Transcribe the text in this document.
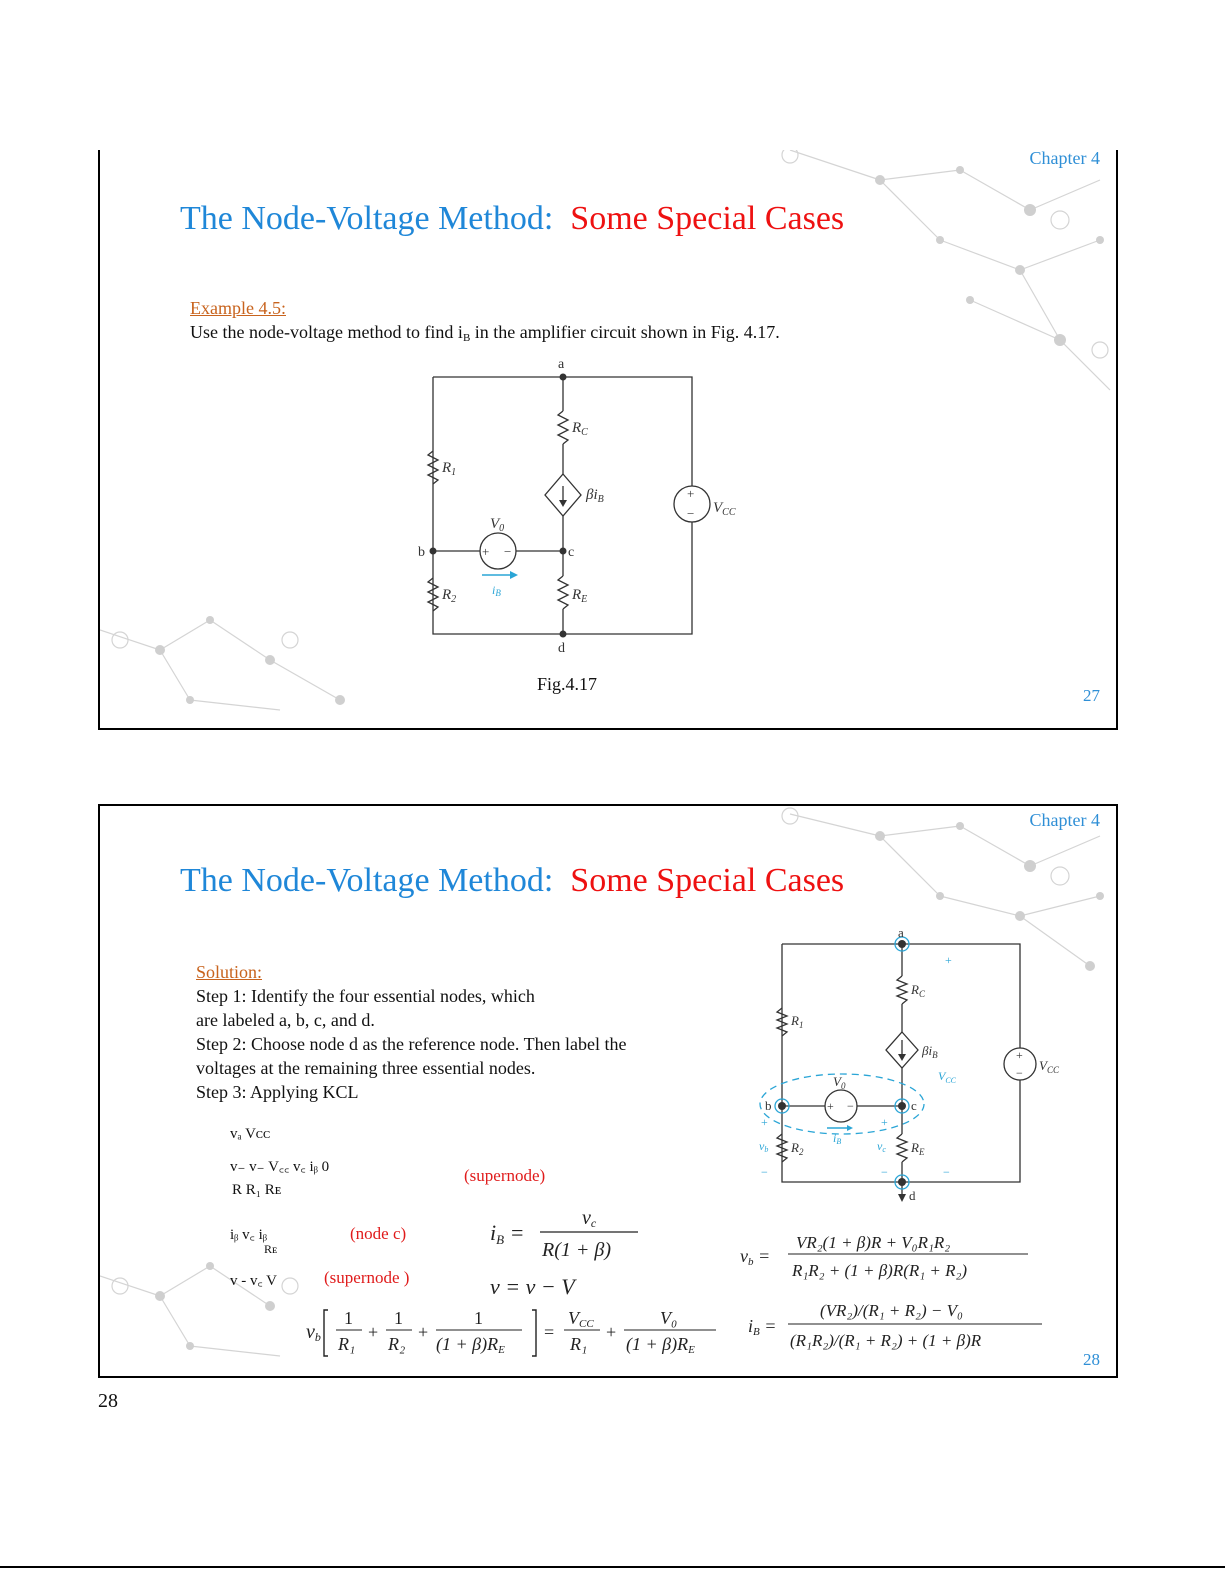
Chapter 4
The Node-Voltage Method: Some Special Cases
Example 4.5:
Use the node-voltage method to find $i_B$ in the amplifier circuit shown in Fig. 4.17.
a
b	c
d
$R_C$
$R_1$
$R_2$	$R_E$
$\beta i_B$
$V_0$
$V_{CC}$
iB
+ −
+
−
Fig.4.17
27
Chapter 4
The Node-Voltage Method: Some Special Cases
Solution:
Step 1: Identify the four essential nodes, which
are labeled a, b, c, and d.
Step 2: Choose node d as the reference node. Then label the
voltages at the remaining three essential nodes.
Step 3: Applying KCL
vₐ Vᴄᴄ
v₋ v₋ V꜀꜀ v꜀ iᵦ 0
R R₁ Rᴇ
(supernode)
iᵦ v꜀ iᵦ
Rᴇ
(node c)
v - v꜀ V	(supernode )
iB =
vc
R(1 + β)
v = v − V
vb
1
R₁
+
1
R₂
+
1
(1 + β)RE
=
VCC
R₁
+
V₀
(1 + β)RE
vb =
VR₂(1 + β)R + V₀R₁R₂
R₁R₂ + (1 + β)R(R₁ + R₂)
iB =
(VR₂)/(R₁ + R₂) − V₀
(R₁R₂)/(R₁ + R₂) + (1 + β)R
a
b	c
d
$R_C$
$R_1$
$R_2$	$R_E$
$\beta i_B$
$V_0$
$V_{CC}$
$V_{CC}$
iB
vb	vc
+
+	+
−	−	−
+ −
+
−
28
28
